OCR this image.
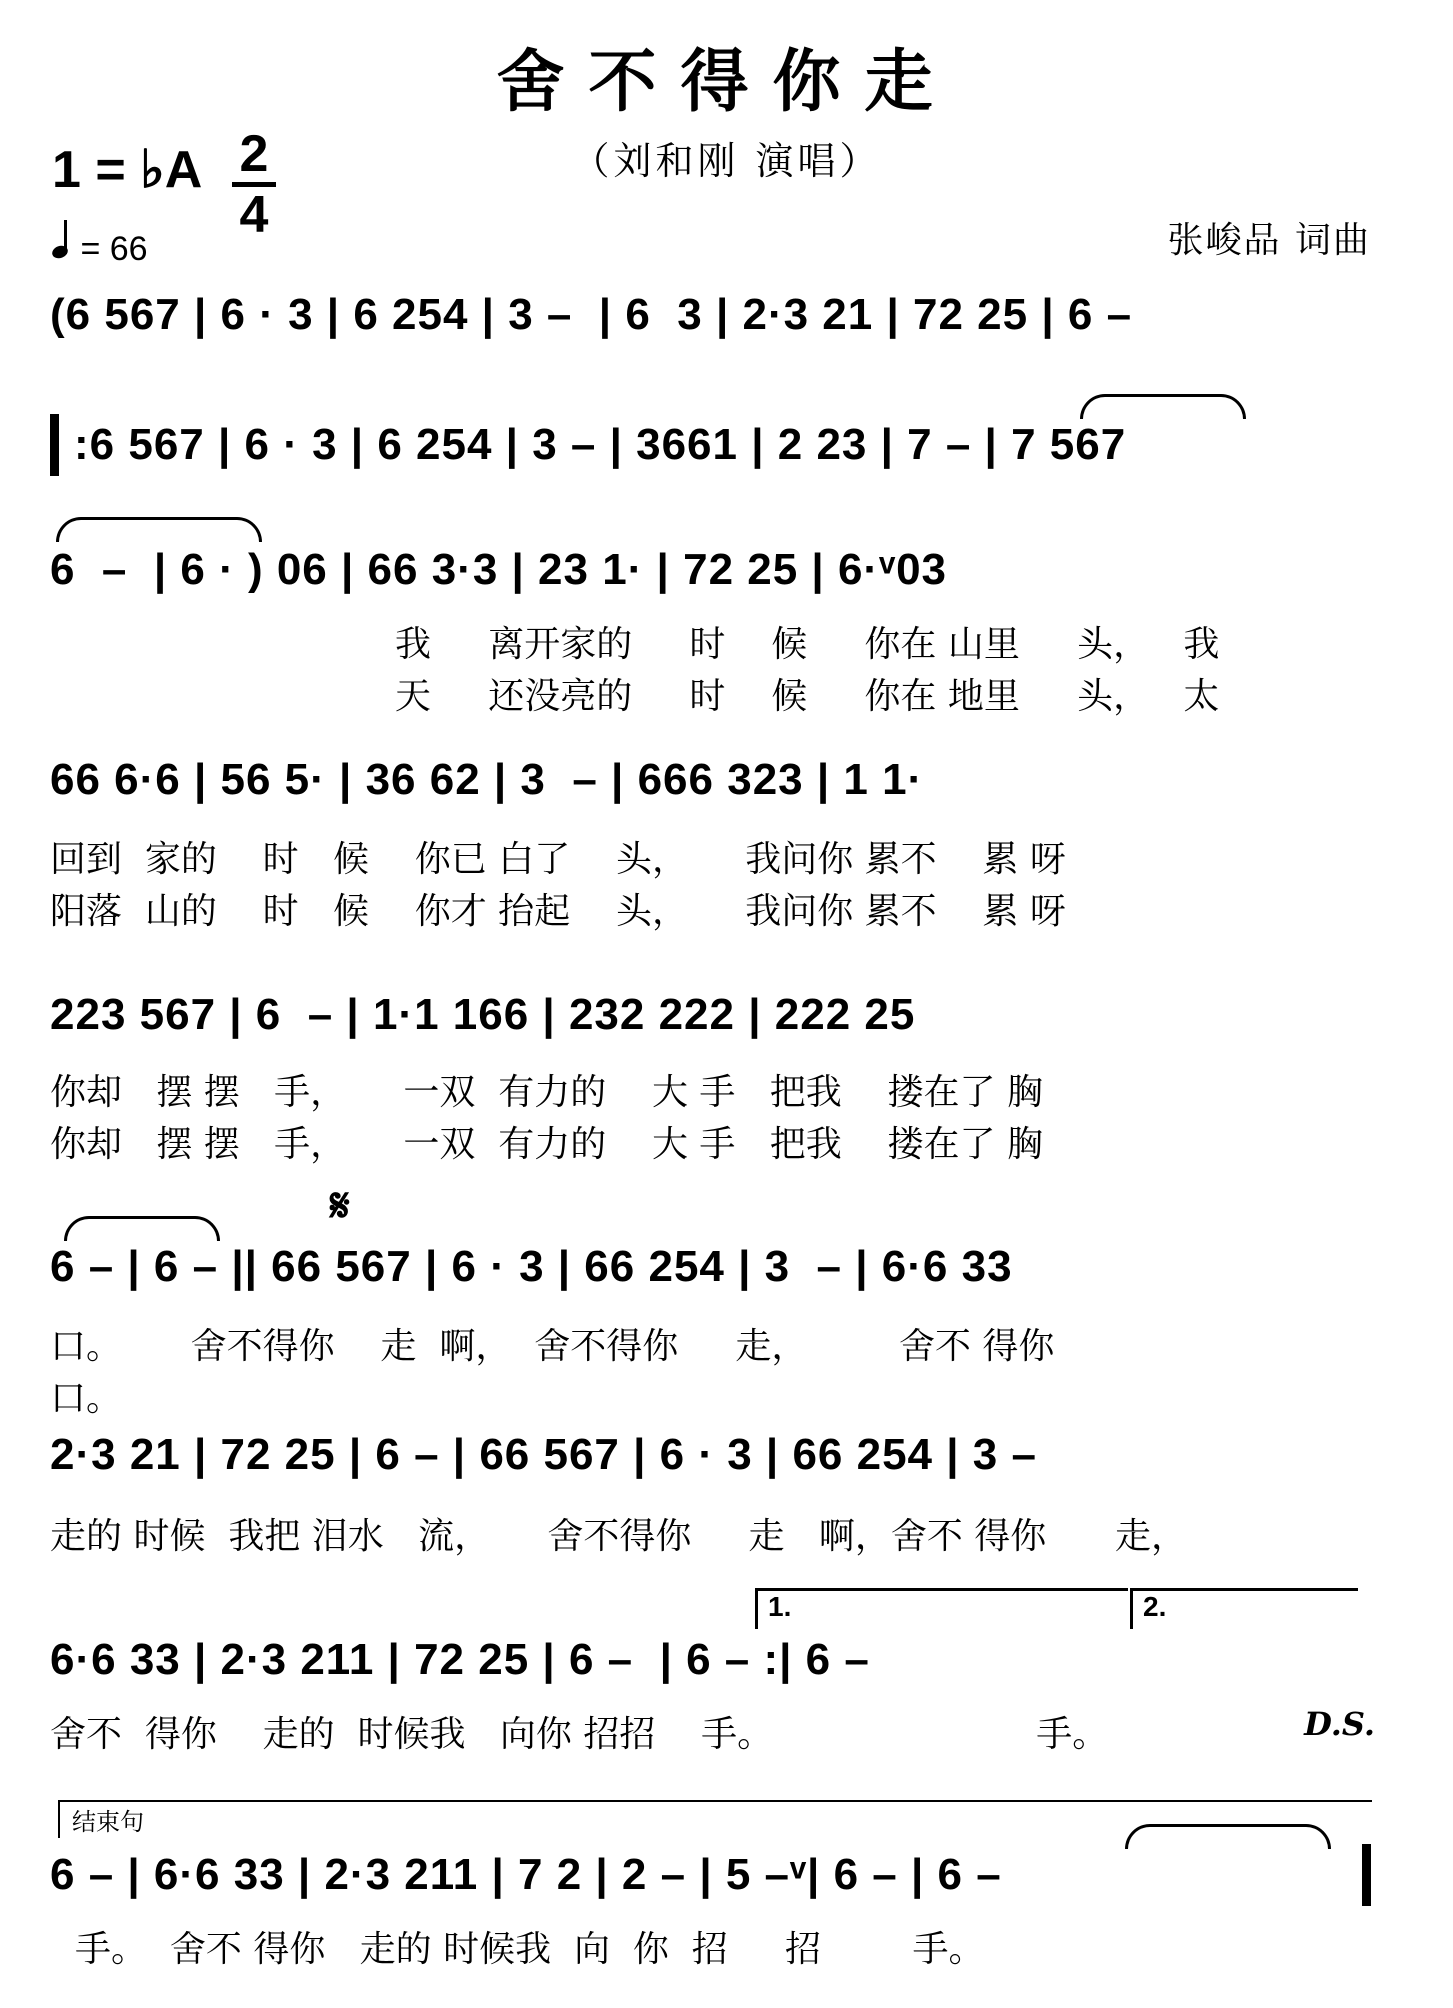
舍不得你走
（刘和刚 演唱）
1 = ♭A 2
4
= 66	张峻品 词曲
(6 567 | 6 · 3 | 6 254 | 3 –  | 6  3 | 2·3 21 | 72 25 | 6 –
:6 567 | 6 · 3 | 6 254 | 3 – | 3661 | 2 23 | 7 – | 7 567
6  –  | 6 · ) 06 | 66 3·3 | 23 1· | 72 25 | 6·ᵛ03
我     离开家的     时    候     你在 山里     头，   我
天     还没亮的     时    候     你在 地里     头，   太
66 6·6 | 56 5· | 36 62 | 3  – | 666 323 | 1 1·
回到  家的    时   候    你已 白了    头，     我问你 累不    累 呀
阳落  山的    时   候    你才 抬起    头，     我问你 累不    累 呀
223 567 | 6  – | 1·1 166 | 232 222 | 222 25
你却   摆 摆   手，     一双  有力的    大 手   把我    搂在了 胸
你却   摆 摆   手，     一双  有力的    大 手   把我    搂在了 胸
𝄋
6 – | 6 – || 66 567 | 6 · 3 | 66 254 | 3  – | 6·6 33
口。      舍不得你    走  啊，  舍不得你     走，        舍不 得你
口。
2·3 21 | 72 25 | 6 – | 66 567 | 6 · 3 | 66 254 | 3 –
走的 时候  我把 泪水   流，     舍不得你     走   啊，舍不 得你      走，
1.	2.
6·6 33 | 2·3 211 | 72 25 | 6 –  | 6 – :| 6 –
舍不  得你    走的  时候我   向你 招招    手。                       手。	D.S.
结束句
6 – | 6·6 33 | 2·3 211 | 7 2 | 2 – | 5 –ᵛ| 6 – | 6 –
手。  舍不 得你   走的 时候我  向  你  招     招        手。
